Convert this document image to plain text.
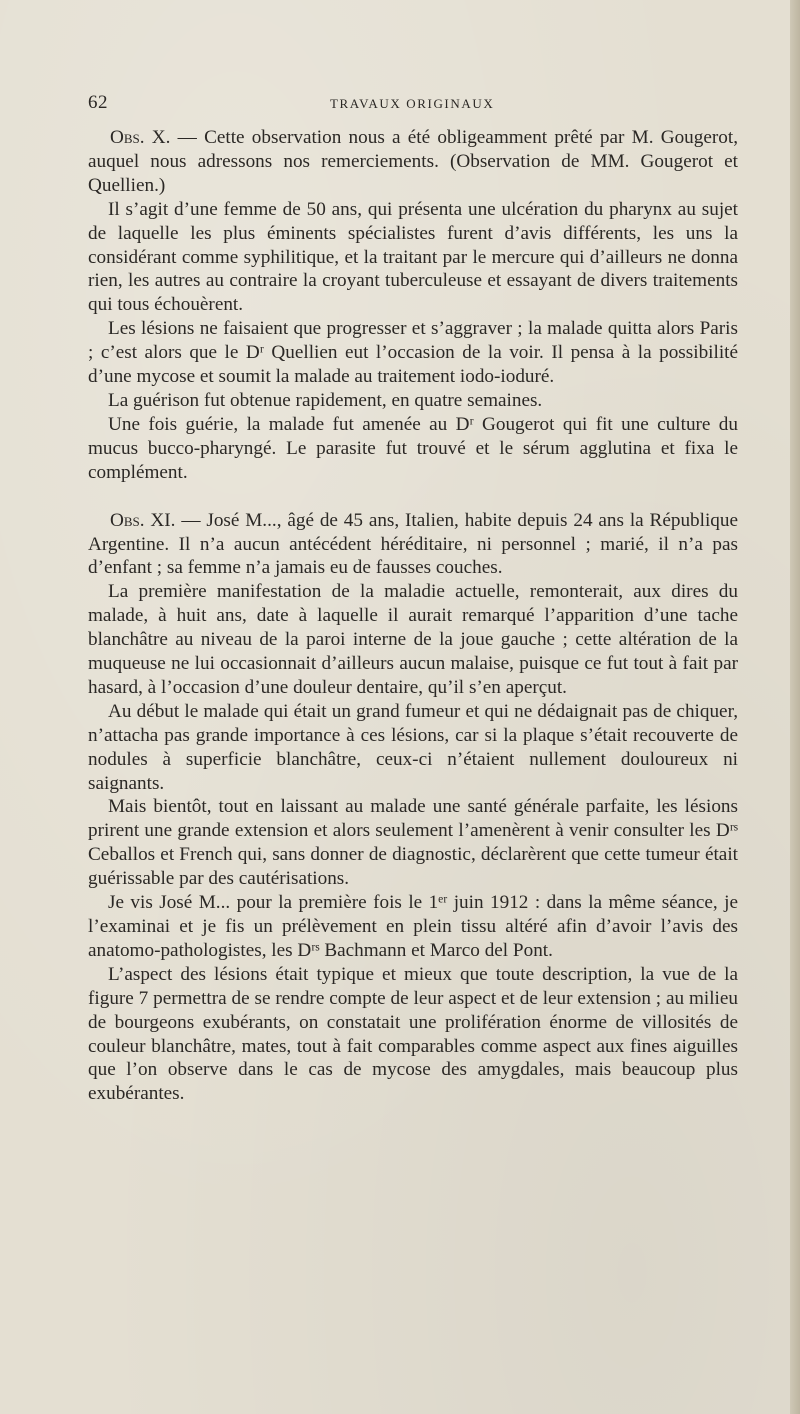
62	TRAVAUX ORIGINAUX

Obs. X. — Cette observation nous a été obligeamment prêté par M. Gougerot, auquel nous adressons nos remerciements. (Observation de MM. Gougerot et Quellien.)

Il s’agit d’une femme de 50 ans, qui présenta une ulcération du pharynx au sujet de laquelle les plus éminents spécialistes furent d’avis différents, les uns la considérant comme syphilitique, et la traitant par le mercure qui d’ailleurs ne donna rien, les autres au contraire la croyant tuberculeuse et essayant de divers traitements qui tous échouèrent.

Les lésions ne faisaient que progresser et s’aggraver ; la malade quitta alors Paris ; c’est alors que le Dʳ Quellien eut l’occasion de la voir. Il pensa à la possibilité d’une mycose et soumit la malade au traitement iodo-ioduré.

La guérison fut obtenue rapidement, en quatre semaines.

Une fois guérie, la malade fut amenée au Dʳ Gougerot qui fit une culture du mucus bucco-pharyngé. Le parasite fut trouvé et le sérum agglutina et fixa le complément.

Obs. XI. — José M..., âgé de 45 ans, Italien, habite depuis 24 ans la République Argentine. Il n’a aucun antécédent héréditaire, ni personnel ; marié, il n’a pas d’enfant ; sa femme n’a jamais eu de fausses couches.

La première manifestation de la maladie actuelle, remonterait, aux dires du malade, à huit ans, date à laquelle il aurait remarqué l’apparition d’une tache blanchâtre au niveau de la paroi interne de la joue gauche ; cette altération de la muqueuse ne lui occasionnait d’ailleurs aucun malaise, puisque ce fut tout à fait par hasard, à l’occasion d’une douleur dentaire, qu’il s’en aperçut.

Au début le malade qui était un grand fumeur et qui ne dédaignait pas de chiquer, n’attacha pas grande importance à ces lésions, car si la plaque s’était recouverte de nodules à superficie blanchâtre, ceux-ci n’étaient nullement douloureux ni saignants.

Mais bientôt, tout en laissant au malade une santé générale parfaite, les lésions prirent une grande extension et alors seulement l’amenèrent à venir consulter les Dʳˢ Ceballos et French qui, sans donner de diagnostic, déclarèrent que cette tumeur était guérissable par des cautérisations.

Je vis José M... pour la première fois le 1ᵉʳ juin 1912 : dans la même séance, je l’examinai et je fis un prélèvement en plein tissu altéré afin d’avoir l’avis des anatomo-pathologistes, les Dʳˢ Bachmann et Marco del Pont.

L’aspect des lésions était typique et mieux que toute description, la vue de la figure 7 permettra de se rendre compte de leur aspect et de leur extension ; au milieu de bourgeons exubérants, on constatait une prolifération énorme de villosités de couleur blanchâtre, mates, tout à fait comparables comme aspect aux fines aiguilles que l’on observe dans le cas de mycose des amygdales, mais beaucoup plus exubérantes.
